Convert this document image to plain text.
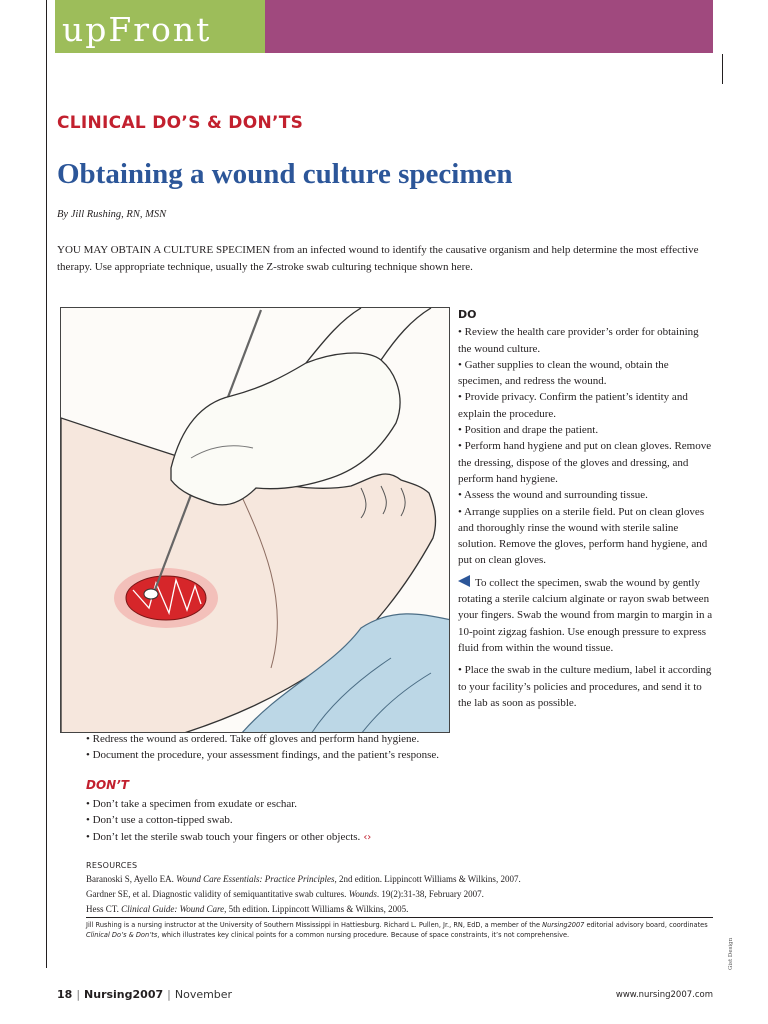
upFront
CLINICAL DO’S & DON’TS
Obtaining a wound culture specimen
By Jill Rushing, RN, MSN

YOU MAY OBTAIN A CULTURE SPECIMEN from an infected wound to identify the causative organism and help determine the most effective therapy. Use appropriate technique, usually the Z-stroke swab culturing technique shown here.

DO

• Review the health care provider’s order for obtaining the wound culture.

• Gather supplies to clean the wound, obtain the specimen, and redress the wound.

• Provide privacy. Confirm the patient’s identity and explain the procedure.

• Position and drape the patient.

• Perform hand hygiene and put on clean gloves. Remove the dressing, dispose of the gloves and dressing, and perform hand hygiene.

• Assess the wound and surrounding tissue.

• Arrange supplies on a sterile field. Put on clean gloves and thoroughly rinse the wound with sterile saline solution. Remove the gloves, perform hand hygiene, and put on clean gloves.

To collect the specimen, swab the wound by gently rotating a sterile calcium alginate or rayon swab between your fingers. Swab the wound from margin to margin in a 10-point zigzag fashion. Use enough pressure to express fluid from within the wound tissue.

• Place the swab in the culture medium, label it according to your facility’s policies and procedures, and send it to the lab as soon as possible.

• Redress the wound as ordered. Take off gloves and perform hand hygiene.

• Document the procedure, your assessment findings, and the patient’s response.

DON’T

• Don’t take a specimen from exudate or eschar.

• Don’t use a cotton-tipped swab.

• Don’t let the sterile swab touch your fingers or other objects. ‹›

RESOURCES

Baranoski S, Ayello EA. Wound Care Essentials: Practice Principles, 2nd edition. Lippincott Williams & Wilkins, 2007.

Gardner SE, et al. Diagnostic validity of semiquantitative swab cultures. Wounds. 19(2):31-38, February 2007.

Hess CT. Clinical Guide: Wound Care, 5th edition. Lippincott Williams & Wilkins, 2005.

Jill Rushing is a nursing instructor at the University of Southern Mississippi in Hattiesburg. Richard L. Pullen, Jr., RN, EdD, a member of the Nursing2007 editorial advisory board, coordinates Clinical Do’s & Don’ts, which illustrates key clinical points for a common nursing procedure. Because of space constraints, it’s not comprehensive.

Gist Design
18 | Nursing2007 | November	www.nursing2007.com
